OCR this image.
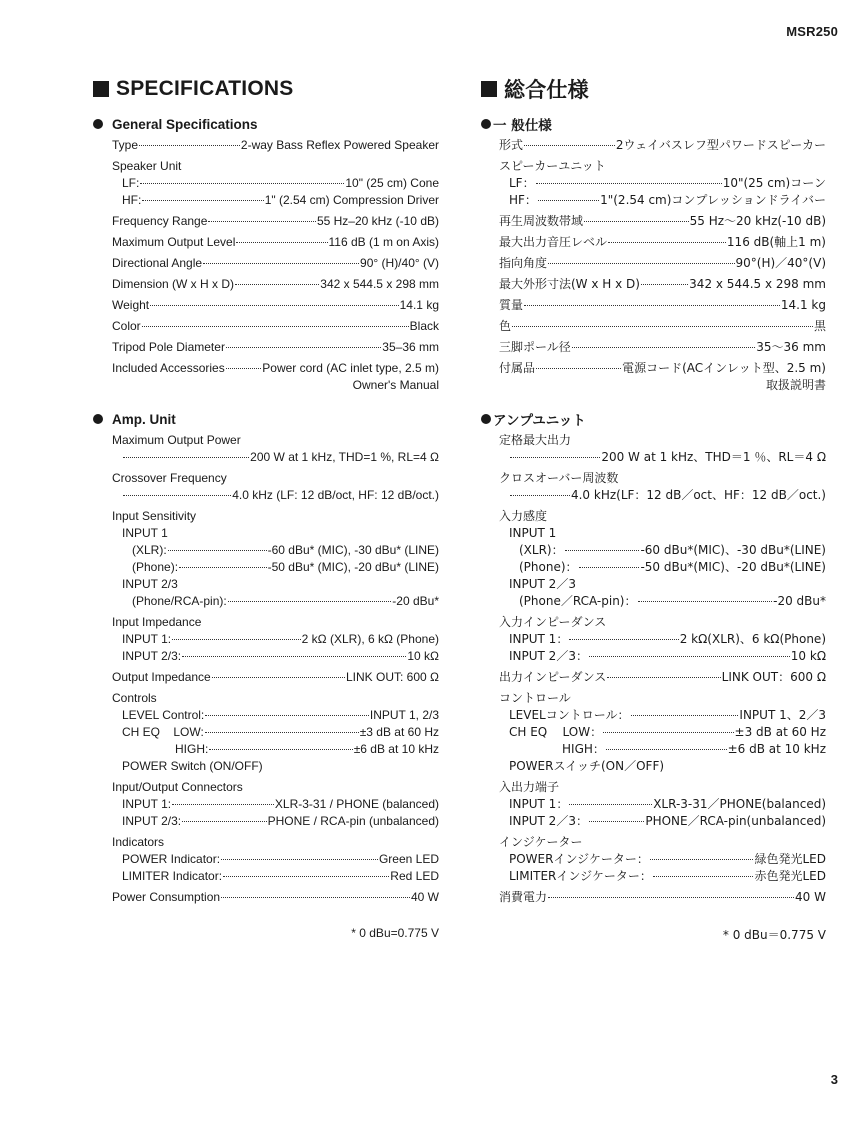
MSR250
SPECIFICATIONS
General Specifications
Type	2-way Bass Reflex Powered Speaker
Speaker Unit
LF:	10" (25 cm) Cone
HF:	1" (2.54 cm) Compression Driver
Frequency Range	55 Hz–20 kHz (-10 dB)
Maximum Output Level	116 dB (1 m on Axis)
Directional Angle	90° (H)/40° (V)
Dimension (W x H x D)	342 x 544.5 x 298 mm
Weight	14.1 kg
Color	Black
Tripod Pole Diameter	35–36 mm
Included Accessories	Power cord (AC inlet type, 2.5 m)
Owner's Manual
Amp. Unit
Maximum Output Power
200 W at 1 kHz, THD=1 %, RL=4 Ω
Crossover Frequency
4.0 kHz (LF: 12 dB/oct, HF: 12 dB/oct.)
Input Sensitivity
INPUT 1
(XLR):	-60 dBu* (MIC), -30 dBu* (LINE)
(Phone):	-50 dBu* (MIC), -20 dBu* (LINE)
INPUT 2/3
(Phone/RCA-pin):	-20 dBu*
Input Impedance
INPUT 1:	2 kΩ (XLR), 6 kΩ (Phone)
INPUT 2/3:	10 kΩ
Output Impedance	LINK OUT: 600 Ω
Controls
LEVEL Control:	INPUT 1, 2/3
CH EQ    LOW:	±3 dB at 60 Hz
HIGH:	±6 dB at 10 kHz
POWER Switch (ON/OFF)
Input/Output Connectors
INPUT 1:	XLR-3-31 / PHONE (balanced)
INPUT 2/3:	PHONE / RCA-pin (unbalanced)
Indicators
POWER Indicator:	Green LED
LIMITER Indicator:	Red LED
Power Consumption	40 W
* 0 dBu=0.775 V
総合仕様
一 般仕様
形式	2ウェイバスレフ型パワードスピーカー
スピーカーユニット
LF：	10"(25 cm)コーン
HF：	1"(2.54 cm)コンプレッションドライバー
再生周波数帯域	55 Hz〜20 kHz(-10 dB)
最大出力音圧レベル	116 dB(軸上1 m)
指向角度	90°(H)／40°(V)
最大外形寸法(W x H x D)	342 x 544.5 x 298 mm
質量	14.1 kg
色	黒
三脚ポール径	35〜36 mm
付属品	電源コード(ACインレット型、2.5 m)
取扱説明書
アンプユニット
定格最大出力
200 W at 1 kHz、THD＝1 ％、RL＝4 Ω
クロスオーバー周波数
4.0 kHz(LF：12 dB／oct、HF：12 dB／oct.)
入力感度
INPUT 1
(XLR)：	-60 dBu*(MIC)、-30 dBu*(LINE)
(Phone)：	-50 dBu*(MIC)、-20 dBu*(LINE)
INPUT 2／3
(Phone／RCA-pin)：	-20 dBu*
入力インピーダンス
INPUT 1：	2 kΩ(XLR)、6 kΩ(Phone)
INPUT 2／3：	10 kΩ
出力インピーダンス	LINK OUT：600 Ω
コントロール
LEVELコントロール：	INPUT 1、2／3
CH EQ    LOW：	±3 dB at 60 Hz
HIGH：	±6 dB at 10 kHz
POWERスイッチ(ON／OFF)
入出力端子
INPUT 1：	XLR-3-31／PHONE(balanced)
INPUT 2／3：	PHONE／RCA-pin(unbalanced)
インジケーター
POWERインジケーター：	緑色発光LED
LIMITERインジケーター：	赤色発光LED
消費電力	40 W
* 0 dBu＝0.775 V
3
